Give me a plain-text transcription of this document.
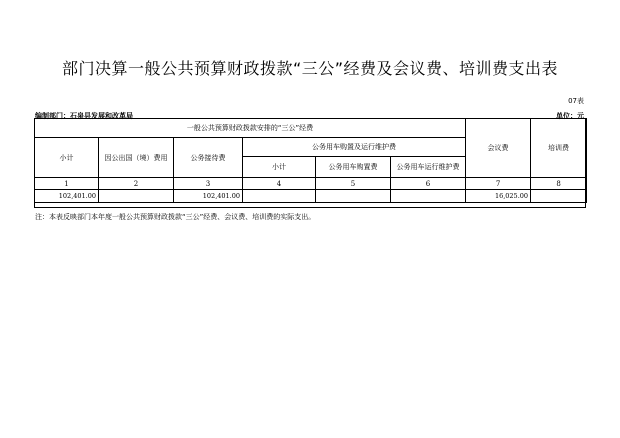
部门决算一般公共预算财政拨款“三公”经费及会议费、培训费支出表
07表
编制部门：石泉县发展和改革局	单位：元
一般公共预算财政拨款安排的“三公”经费						会议费	培训费
小计	因公出国（境）费用	公务接待费	公务用车购置及运行维护费				
			小计	公务用车购置费	公务用车运行维护费		
1	2	3	4	5	6	7	8
102,401.00		102,401.00				16,025.00	
注：本表反映部门本年度一般公共预算财政拨款“三公”经费、会议费、培训费的实际支出。
